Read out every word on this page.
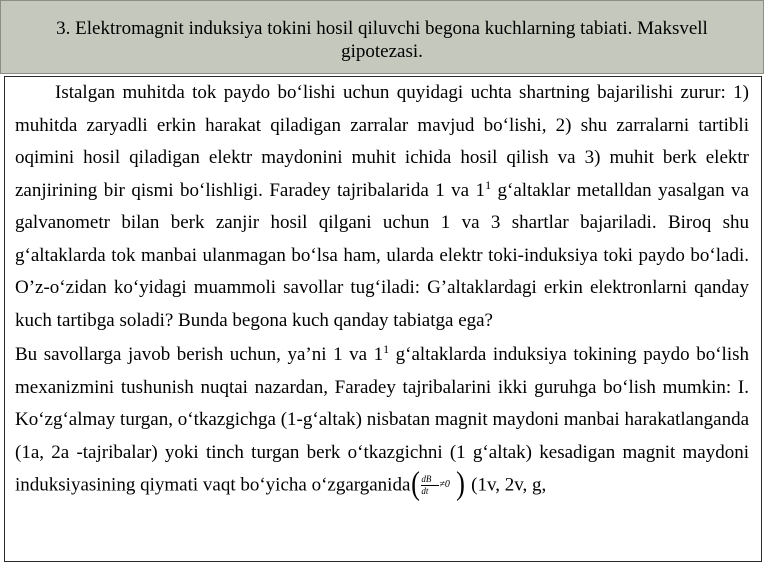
3. Elektromagnit induksiya tokini hosil qiluvchi begona kuchlarning tabiati. Maksvell gipotezasi.

Istalgan muhitda tok paydo bo‘lishi uchun quyidagi uchta shartning bajarilishi zurur: 1) muhitda zaryadli erkin harakat qiladigan zarralar mavjud bo‘lishi, 2) shu zarralarni tartibli oqimini hosil qiladigan elektr maydonini muhit ichida hosil qilish va 3) muhit berk elektr zanjirining bir qismi bo‘lishligi. Faradey tajribalarida 1 va $1^1$ g‘altaklar metalldan yasalgan va galvanometr bilan berk zanjir hosil qilgani uchun 1 va 3 shartlar bajariladi. Biroq shu g‘altaklarda tok manbai ulanmagan bo‘lsa ham, ularda elektr toki-induksiya toki paydo bo‘ladi. O’z-o‘zidan ko‘yidagi muammoli savollar tug‘iladi: G’altaklardagi erkin elektronlarni qanday kuch tartibga soladi? Bunda begona kuch qanday tabiatga ega?

Bu savollarga javob berish uchun, ya’ni 1 va $1^1$ g‘altaklarda induksiya tokining paydo bo‘lish mexanizmini tushunish nuqtai nazardan, Faradey tajribalarini ikki guruhga bo‘lish mumkin: I. Ko‘zg‘almay turgan, o‘tkazgichga (1-g‘altak) nisbatan magnit maydoni manbai harakatlanganda (1a, 2a -tajribalar) yoki tinch turgan berk o‘tkazgichni (1 g‘altak) kesadigan magnit maydoni induksiyasining qiymati vaqt bo‘yicha o‘zgarganida ( $\frac{dB}{dt} \ne 0$ ) (1v, 2v, g,
